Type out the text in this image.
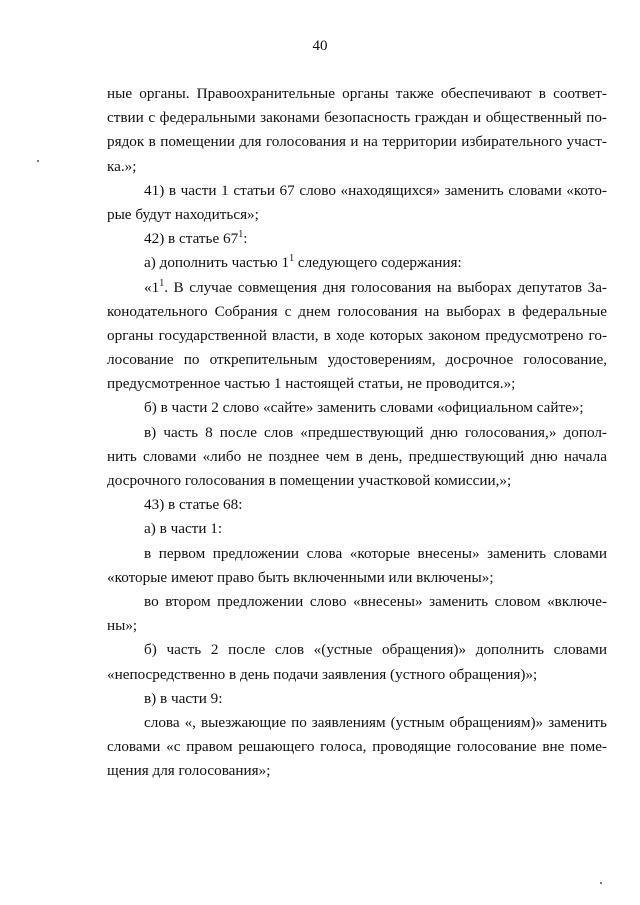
40
ные органы. Правоохранительные органы также обеспечивают в соответ-
ствии с федеральными законами безопасность граждан и общественный по-
рядок в помещении для голосования и на территории избирательного участ-
ка.»;
41) в части 1 статьи 67 слово «находящихся» заменить словами «кото-
рые будут находиться»;
42) в статье $67^1$:
а) дополнить частью $1^1$ следующего содержания:
«$1^1$. В случае совмещения дня голосования на выборах депутатов За-
конодательного Собрания с днем голосования на выборах в федеральные
органы государственной власти, в ходе которых законом предусмотрено го-
лосование по открепительным удостоверениям, досрочное голосование,
предусмотренное частью 1 настоящей статьи, не проводится.»;
б) в части 2 слово «сайте» заменить словами «официальном сайте»;
в) часть 8 после слов «предшествующий дню голосования,» допол-
нить словами «либо не позднее чем в день, предшествующий дню начала
досрочного голосования в помещении участковой комиссии,»;
43) в статье 68:
а) в части 1:
в первом предложении слова «которые внесены» заменить словами
«которые имеют право быть включенными или включены»;
во втором предложении слово «внесены» заменить словом «включе-
ны»;
б) часть 2 после слов «(устные обращения)» дополнить словами
«непосредственно в день подачи заявления (устного обращения)»;
в) в части 9:
слова «, выезжающие по заявлениям (устным обращениям)» заменить
словами «с правом решающего голоса, проводящие голосование вне поме-
щения для голосования»;
